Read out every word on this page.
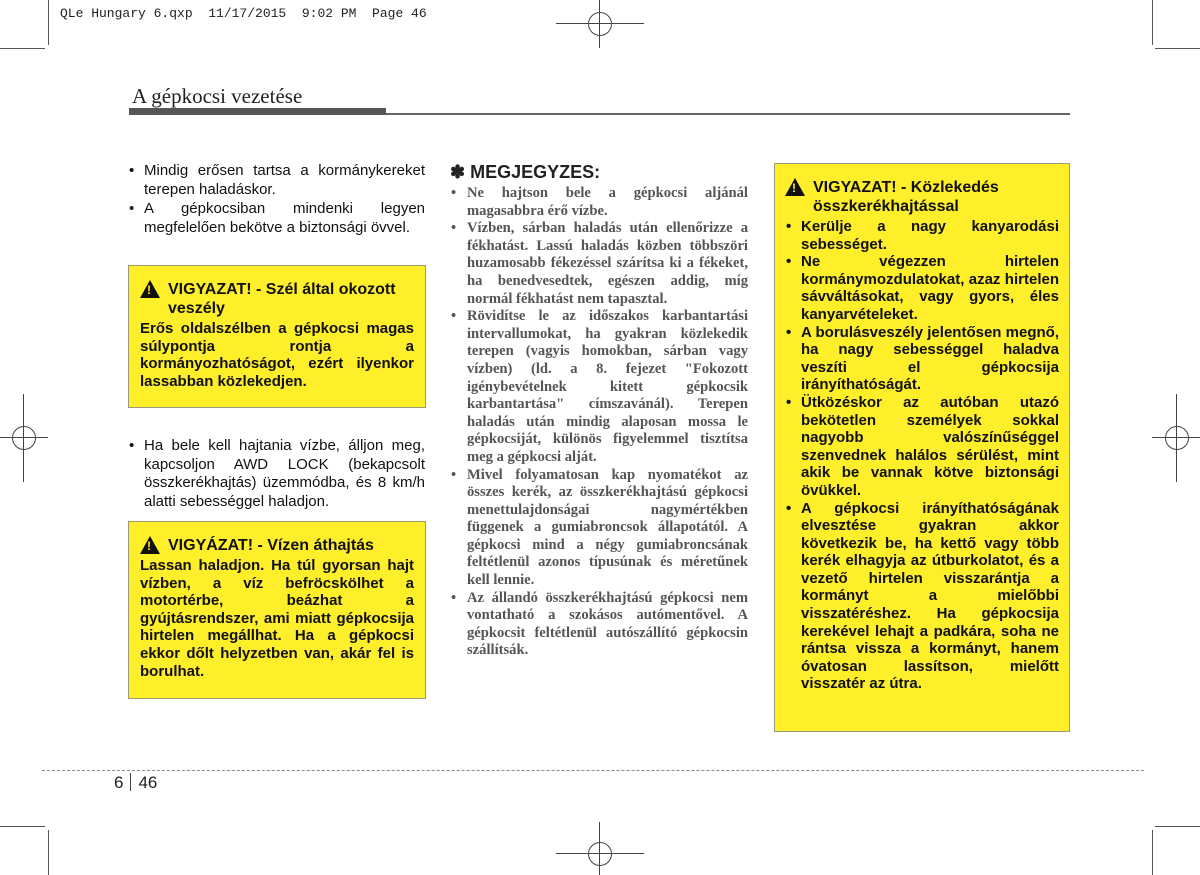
QLe Hungary 6.qxp  11/17/2015  9:02 PM  Page 46
A gépkocsi vezetése
• Mindig erősen tartsa a kormánykereket terepen haladáskor.
• A gépkocsiban mindenki legyen megfelelően bekötve a biztonsági övvel.
!
VIGYAZAT! - Szél által okozott veszély
Erős oldalszélben a gépkocsi magas súlypontja rontja a kormányozhatóságot, ezért ilyenkor lassabban közlekedjen.
• Ha bele kell hajtania vízbe, álljon meg, kapcsoljon AWD LOCK (bekapcsolt összkerékhajtás) üzemmódba, és 8 km/h alatti sebességgel haladjon.
!
VIGYÁZAT! - Vízen áthajtás
Lassan haladjon. Ha túl gyorsan hajt vízben, a víz befröcskölhet a motortérbe, beázhat a gyújtásrendszer, ami miatt gépkocsija hirtelen megállhat. Ha a gépkocsi ekkor dőlt helyzetben van, akár fel is borulhat.
✽ MEGJEGYZES:
• Ne hajtson bele a gépkocsi aljánál magasabbra érő vízbe.
• Vízben, sárban haladás után ellenőrizze a fékhatást. Lassú haladás közben többszöri huzamosabb fékezéssel szárítsa ki a fékeket, ha benedvesedtek, egészen addig, míg normál fékhatást nem tapasztal.
• Rövidítse le az időszakos karbantartási intervallumokat, ha gyakran közlekedik terepen (vagyis homokban, sárban vagy vízben) (ld. a 8. fejezet "Fokozott igénybevételnek kitett gépkocsik karbantartása" címszavánál). Terepen haladás után mindig alaposan mossa le gépkocsiját, különös figyelemmel tisztítsa meg a gépkocsi alját.
• Mivel folyamatosan kap nyomatékot az összes kerék, az összkerékhajtású gépkocsi menettulajdonságai nagymértékben függenek a gumiabroncsok állapotától. A gépkocsi mind a négy gumiabroncsának feltétlenül azonos típusúnak és méretűnek kell lennie.
• Az állandó összkerékhajtású gépkocsi nem vontatható a szokásos autómentővel. A gépkocsit feltétlenül autószállító gépkocsin szállítsák.
!
VIGYAZAT! - Közlekedés összkerékhajtással
• Kerülje a nagy kanyarodási sebességet.
• Ne végezzen hirtelen kormánymozdulatokat, azaz hirtelen sávváltásokat, vagy gyors, éles kanyarvételeket.
• A borulásveszély jelentősen megnő, ha nagy sebességgel haladva veszíti el gépkocsija irányíthatóságát.
• Ütközéskor az autóban utazó bekötetlen személyek sokkal nagyobb valószínűséggel szenvednek halálos sérülést, mint akik be vannak kötve biztonsági övükkel.
• A gépkocsi irányíthatóságának elvesztése gyakran akkor következik be, ha kettő vagy több kerék elhagyja az útburkolatot, és a vezető hirtelen visszarántja a kormányt a mielőbbi visszatéréshez. Ha gépkocsija kerekével lehajt a padkára, soha ne rántsa vissza a kormányt, hanem óvatosan lassítson, mielőtt visszatér az útra.
6 46
